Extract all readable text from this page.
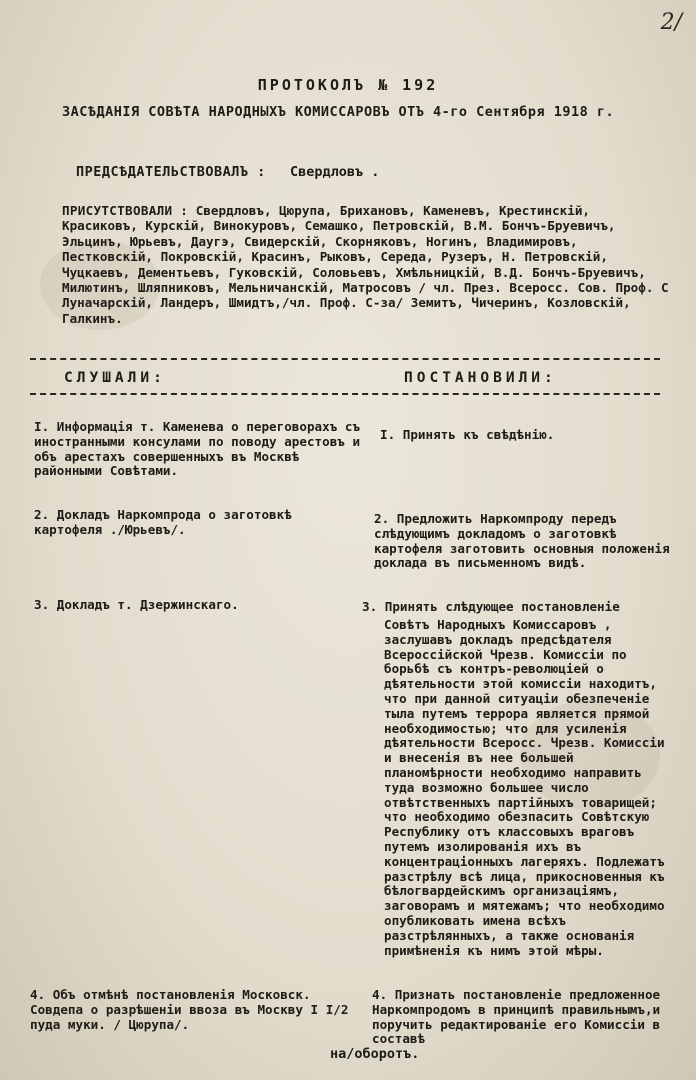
2/
ПРОТОКОЛЪ № 192
ЗАСѢДАНІЯ СОВѢТА НАРОДНЫХЪ КОМИССАРОВЪ ОТЪ 4-го Сентября 1918 г.
ПРЕДСѢДАТЕЛЬСТВОВАЛЪ : Свердловъ .
ПРИСУТСТВОВАЛИ : Свердловъ, Цюрупа, Брихановъ, Каменевъ, Крестинскій, Красиковъ, Курскій, Винокуровъ, Семашко, Петровскій, В.М. Бончъ-Бруевичъ, Эльцинъ, Юрьевъ, Даугэ, Свидерскій, Скорняковъ, Ногинъ, Владимировъ, Пестковскій, Покровскій, Красинъ, Рыковъ, Середа, Рузеръ, Н. Петровскій, Чуцкаевъ, Дементьевъ, Гуковскій, Соловьевъ, Хмѣльницкій, В.Д. Бончъ-Бруевичъ, Милютинъ, Шляпниковъ, Мельничанскій, Матросовъ / чл. През. Всеросс. Сов. Проф. С Луначарскій, Ландеръ, Шмидтъ,/чл. Проф. С-за/ Земитъ, Чичеринъ, Козловскій, Галкинъ.
СЛУШАЛИ:	ПОСТАНОВИЛИ:
I. Информація т. Каменева о переговорахъ съ иностранными консулами по поводу арестовъ и объ арестахъ совершенныхъ въ Москвѣ районными Совѣтами.
I. Принять къ свѣдѣнію.
2. Докладъ Наркомпрода о заготовкѣ картофеля ./Юрьевъ/.
2. Предложить Наркомпроду передъ слѣдующимъ докладомъ о заготовкѣ картофеля заготовить основныя положенія доклада въ письменномъ видѣ.
3. Докладъ т. Дзержинскаго.	3. Принять слѣдующее постановленіе
Совѣтъ Народныхъ Комиссаровъ , заслушавъ докладъ предсѣдателя Всероссійской Чрезв. Комиссіи по борьбѣ съ контръ-революціей о дѣятельности этой комиссіи находитъ, что при данной ситуаціи обезпеченіе тыла путемъ террора является прямой необходимостью; что для усиленія дѣятельности Всеросс. Чрезв. Комиссіи и внесенія въ нее большей планомѣрности необходимо направить туда возможно большее число отвѣтственныхъ партійныхъ товарищей; что необходимо обезпасить Совѣтскую Республику отъ классовыхъ враговъ путемъ изолированія ихъ въ концентраціонныхъ лагеряхъ. Подлежатъ разстрѣлу всѣ лица, прикосновенныя къ бѣлогвардейскимъ организаціямъ, заговорамъ и мятежамъ; что необходимо опубликовать имена всѣхъ разстрѣлянныхъ, а также основанія примѣненія къ нимъ этой мѣры.
4. Объ отмѣнѣ постановленія Московск. Совдепа о разрѣшеніи ввоза въ Москву I I/2 пуда муки. / Цюрупа/.
4. Признать постановленіе предложенное Наркомпродомъ в принципѣ правильнымъ,и поручить редактированіе его Комиссіи в составѣ
на/оборотъ.
